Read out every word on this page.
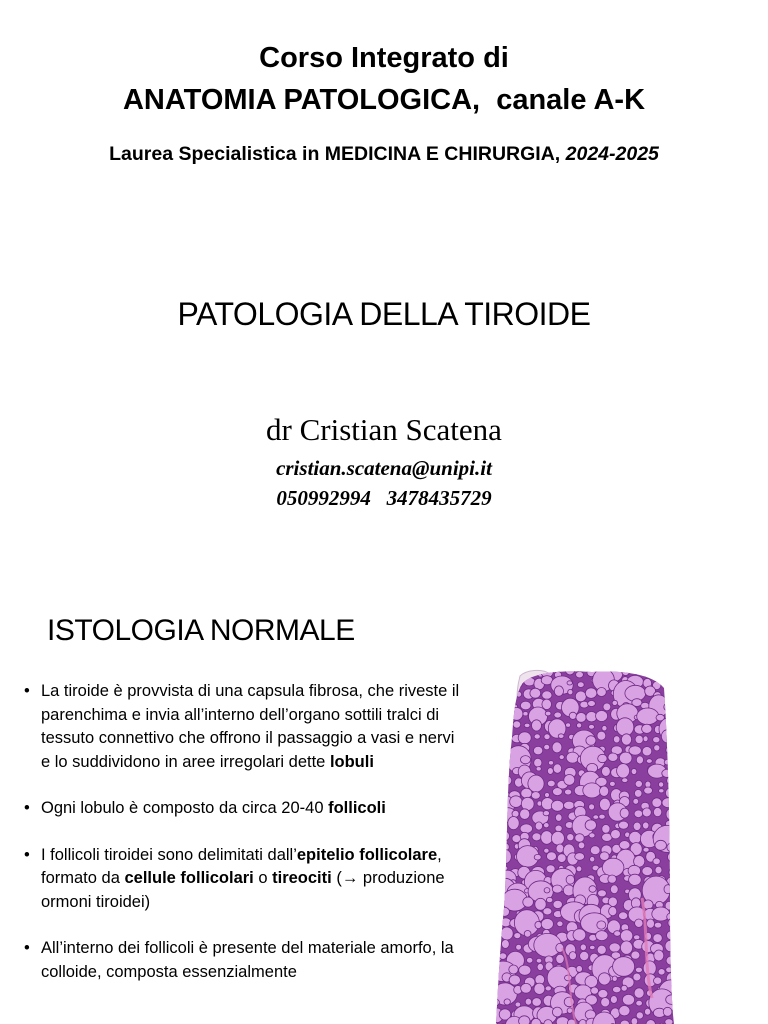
Corso Integrato di
ANATOMIA PATOLOGICA,  canale A-K
Laurea Specialistica in MEDICINA E CHIRURGIA, 2024-2025
PATOLOGIA DELLA TIROIDE
dr Cristian Scatena
cristian.scatena@unipi.it
050992994   3478435729
ISTOLOGIA NORMALE
• La tiroide è provvista di una capsula fibrosa, che riveste il parenchima e invia all’interno dell’organo sottili tralci di tessuto connettivo che offrono il passaggio a vasi e nervi e lo suddividono in aree irregolari dette lobuli
• Ogni lobulo è composto da circa 20-40 follicoli
• I follicoli tiroidei sono delimitati dall’epitelio follicolare, formato da cellule follicolari o tireociti (→ produzione ormoni tiroidei)
• All’interno dei follicoli è presente del materiale amorfo, la colloide, composta essenzialmente
